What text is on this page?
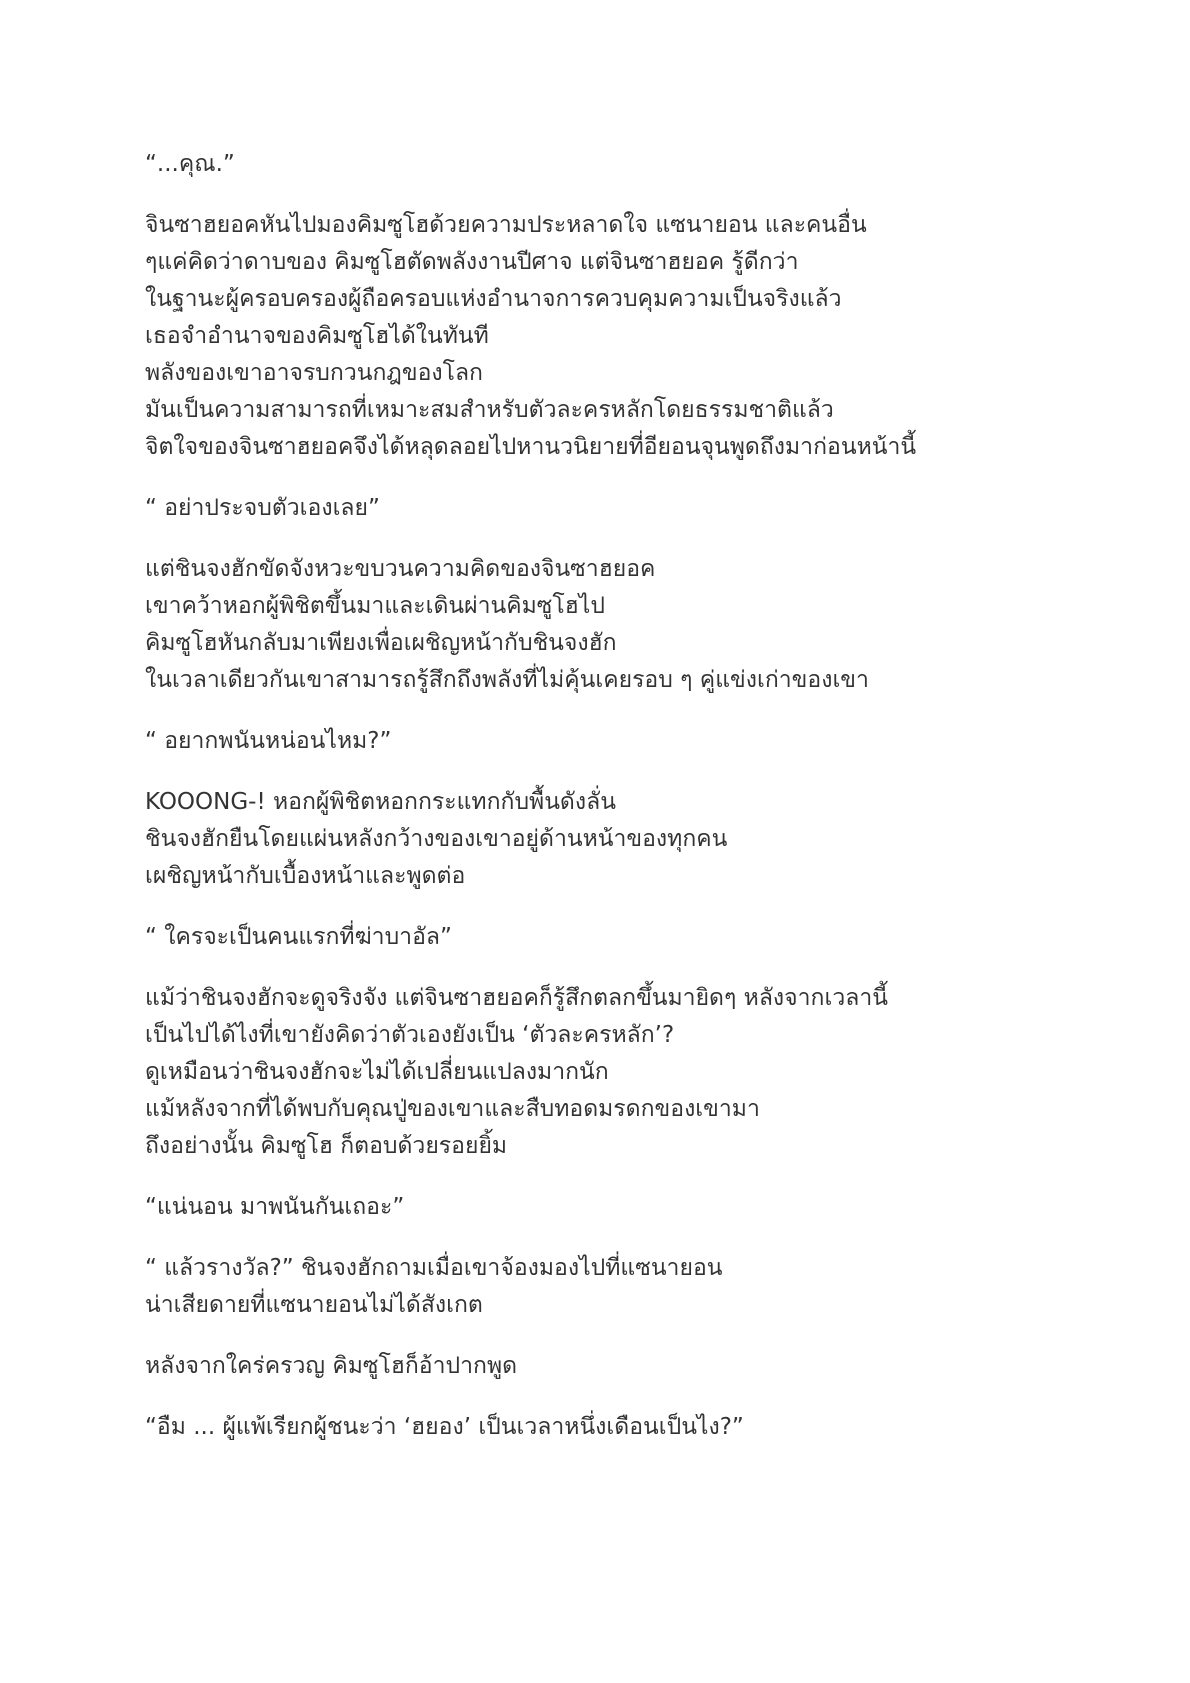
“...คุณ.”
จินซาฮยอคหันไปมองคิมซูโฮด้วยความประหลาดใจ แซนายอน และคนอื่น
ๆแค่คิดว่าดาบของ คิมซูโฮตัดพลังงานปีศาจ แต่จินซาฮยอค รู้ดีกว่า
ในฐานะผู้ครอบครองผู้ถือครอบแห่งอำนาจการควบคุมความเป็นจริงแล้ว
เธอจำอำนาจของคิมซูโฮได้ในทันที
พลังของเขาอาจรบกวนกฎของโลก
มันเป็นความสามารถที่เหมาะสมสำหรับตัวละครหลักโดยธรรมชาติแล้ว
จิตใจของจินซาฮยอคจึงได้หลุดลอยไปหานวนิยายที่อียอนจุนพูดถึงมาก่อนหน้านี้
“ อย่าประจบตัวเองเลย”
แต่ชินจงฮักขัดจังหวะขบวนความคิดของจินซาฮยอค
เขาคว้าหอกผู้พิชิตขึ้นมาและเดินผ่านคิมซูโฮไป
คิมซูโฮหันกลับมาเพียงเพื่อเผชิญหน้ากับชินจงฮัก
ในเวลาเดียวกันเขาสามารถรู้สึกถึงพลังที่ไม่คุ้นเคยรอบ ๆ คู่แข่งเก่าของเขา
“ อยากพนันหน่อนไหม?”
KOOONG-! หอกผู้พิชิตหอกกระแทกกับพื้นดังลั่น
ชินจงฮักยืนโดยแผ่นหลังกว้างของเขาอยู่ด้านหน้าของทุกคน
เผชิญหน้ากับเบื้องหน้าและพูดต่อ
“ ใครจะเป็นคนแรกที่ฆ่าบาอัล”
แม้ว่าชินจงฮักจะดูจริงจัง แต่จินซาฮยอคก็รู้สึกตลกขึ้นมายิดๆ หลังจากเวลานี้
เป็นไปได้ไงที่เขายังคิดว่าตัวเองยังเป็น ‘ตัวละครหลัก’?
ดูเหมือนว่าชินจงฮักจะไม่ได้เปลี่ยนแปลงมากนัก
แม้หลังจากที่ได้พบกับคุณปู่ของเขาและสืบทอดมรดกของเขามา
ถึงอย่างนั้น คิมซูโฮ ก็ตอบด้วยรอยยิ้ม
“แน่นอน มาพนันกันเถอะ”
“ แล้วรางวัล?” ชินจงฮักถามเมื่อเขาจ้องมองไปที่แซนายอน
น่าเสียดายที่แซนายอนไม่ได้สังเกต
หลังจากใคร่ครวญ คิมซูโฮก็อ้าปากพูด
“อืม ... ผู้แพ้เรียกผู้ชนะว่า ‘ฮยอง’ เป็นเวลาหนึ่งเดือนเป็นไง?”
